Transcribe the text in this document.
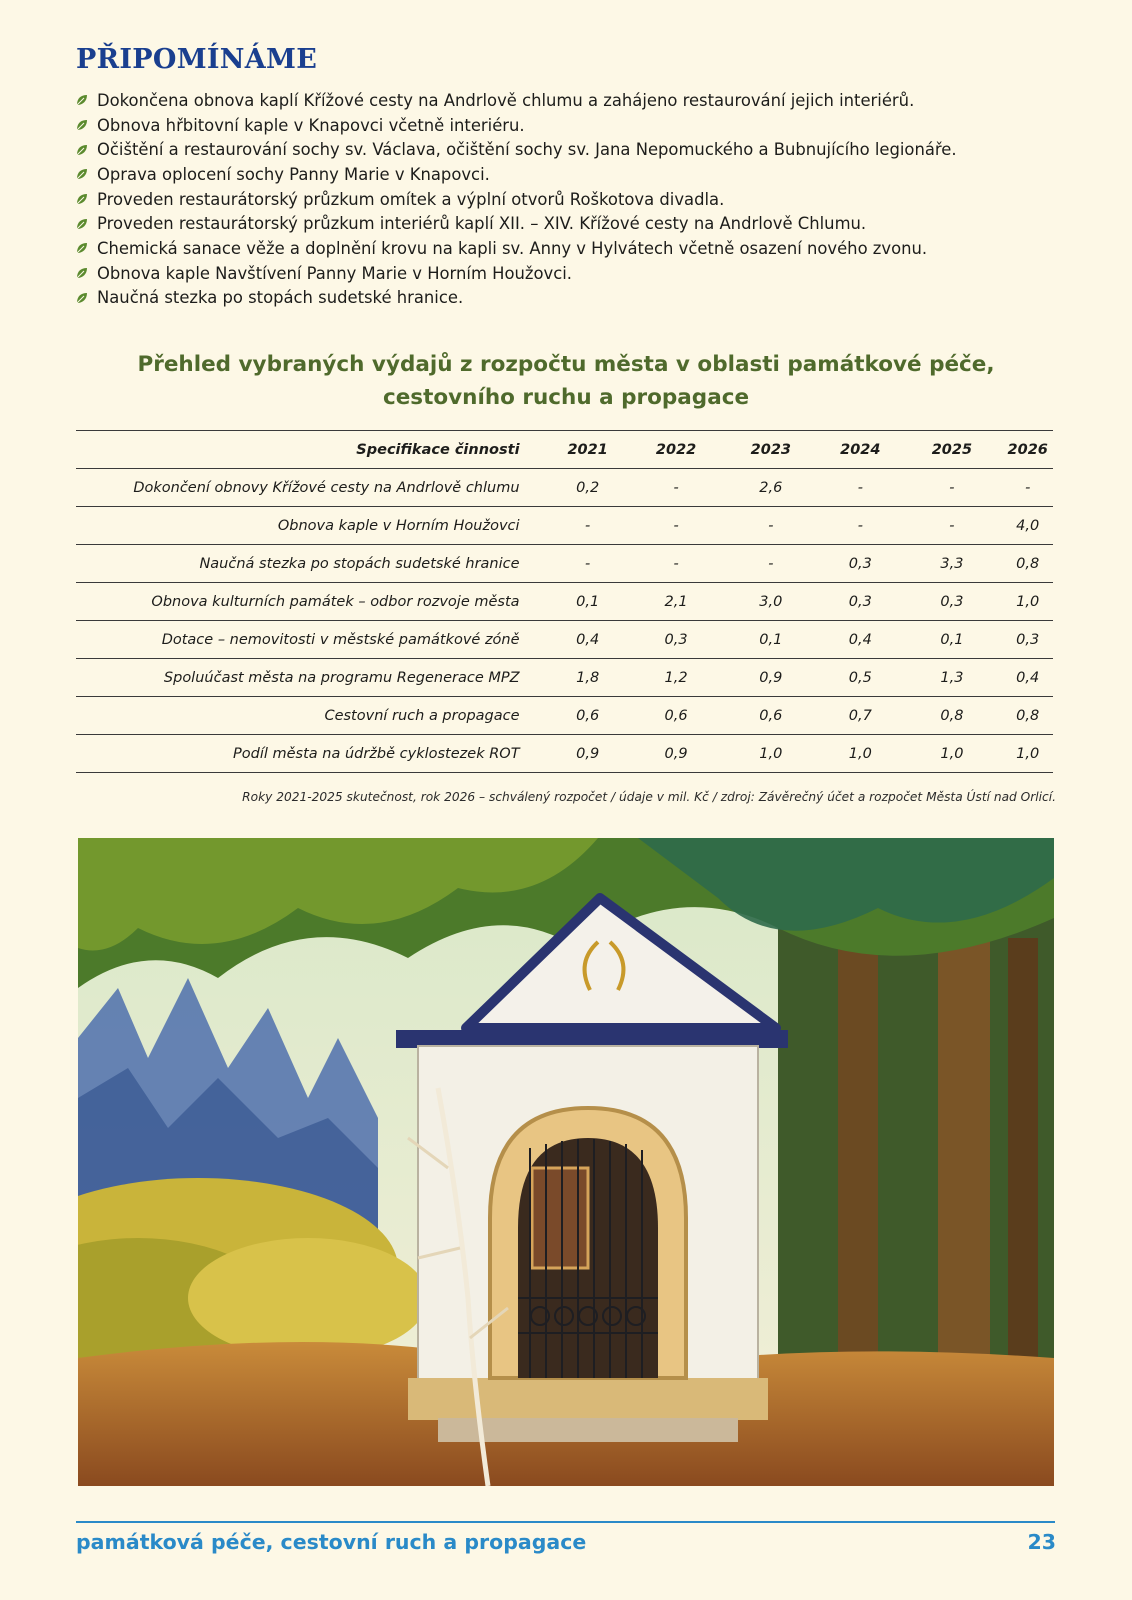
PŘIPOMÍNÁME
Dokončena obnova kaplí Křížové cesty na Andrlově chlumu a zahájeno restaurování jejich interiérů.
Obnova hřbitovní kaple v Knapovci včetně interiéru.
Očištění a restaurování sochy sv. Václava, očištění sochy sv. Jana Nepomuckého a Bubnujícího legionáře.
Oprava oplocení sochy Panny Marie v Knapovci.
Proveden restaurátorský průzkum omítek a výplní otvorů Roškotova divadla.
Proveden restaurátorský průzkum interiérů kaplí XII. – XIV. Křížové cesty na Andrlově Chlumu.
Chemická sanace věže a doplnění krovu na kapli sv. Anny v Hylvátech včetně osazení nového zvonu.
Obnova kaple Navštívení Panny Marie v Horním Houžovci.
Naučná stezka po stopách sudetské hranice.
Přehled vybraných výdajů z rozpočtu města v oblasti památkové péče,
cestovního ruchu a propagace
Specifikace činnosti	2021	2022	2023	2024	2025	2026
Dokončení obnovy Křížové cesty na Andrlově chlumu	0,2	-	2,6	-	-	-
Obnova kaple v Horním Houžovci	-	-	-	-	-	4,0
Naučná stezka po stopách sudetské hranice	-	-	-	0,3	3,3	0,8
Obnova kulturních památek – odbor rozvoje města	0,1	2,1	3,0	0,3	0,3	1,0
Dotace – nemovitosti v městské památkové zóně	0,4	0,3	0,1	0,4	0,1	0,3
Spoluúčast města na programu Regenerace MPZ	1,8	1,2	0,9	0,5	1,3	0,4
Cestovní ruch a propagace	0,6	0,6	0,6	0,7	0,8	0,8
Podíl města na údržbě cyklostezek ROT	0,9	0,9	1,0	1,0	1,0	1,0
Roky 2021-2025 skutečnost, rok 2026 – schválený rozpočet / údaje v mil. Kč / zdroj: Závěrečný účet a rozpočet Města Ústí nad Orlicí.
památková péče, cestovní ruch a propagace	23
